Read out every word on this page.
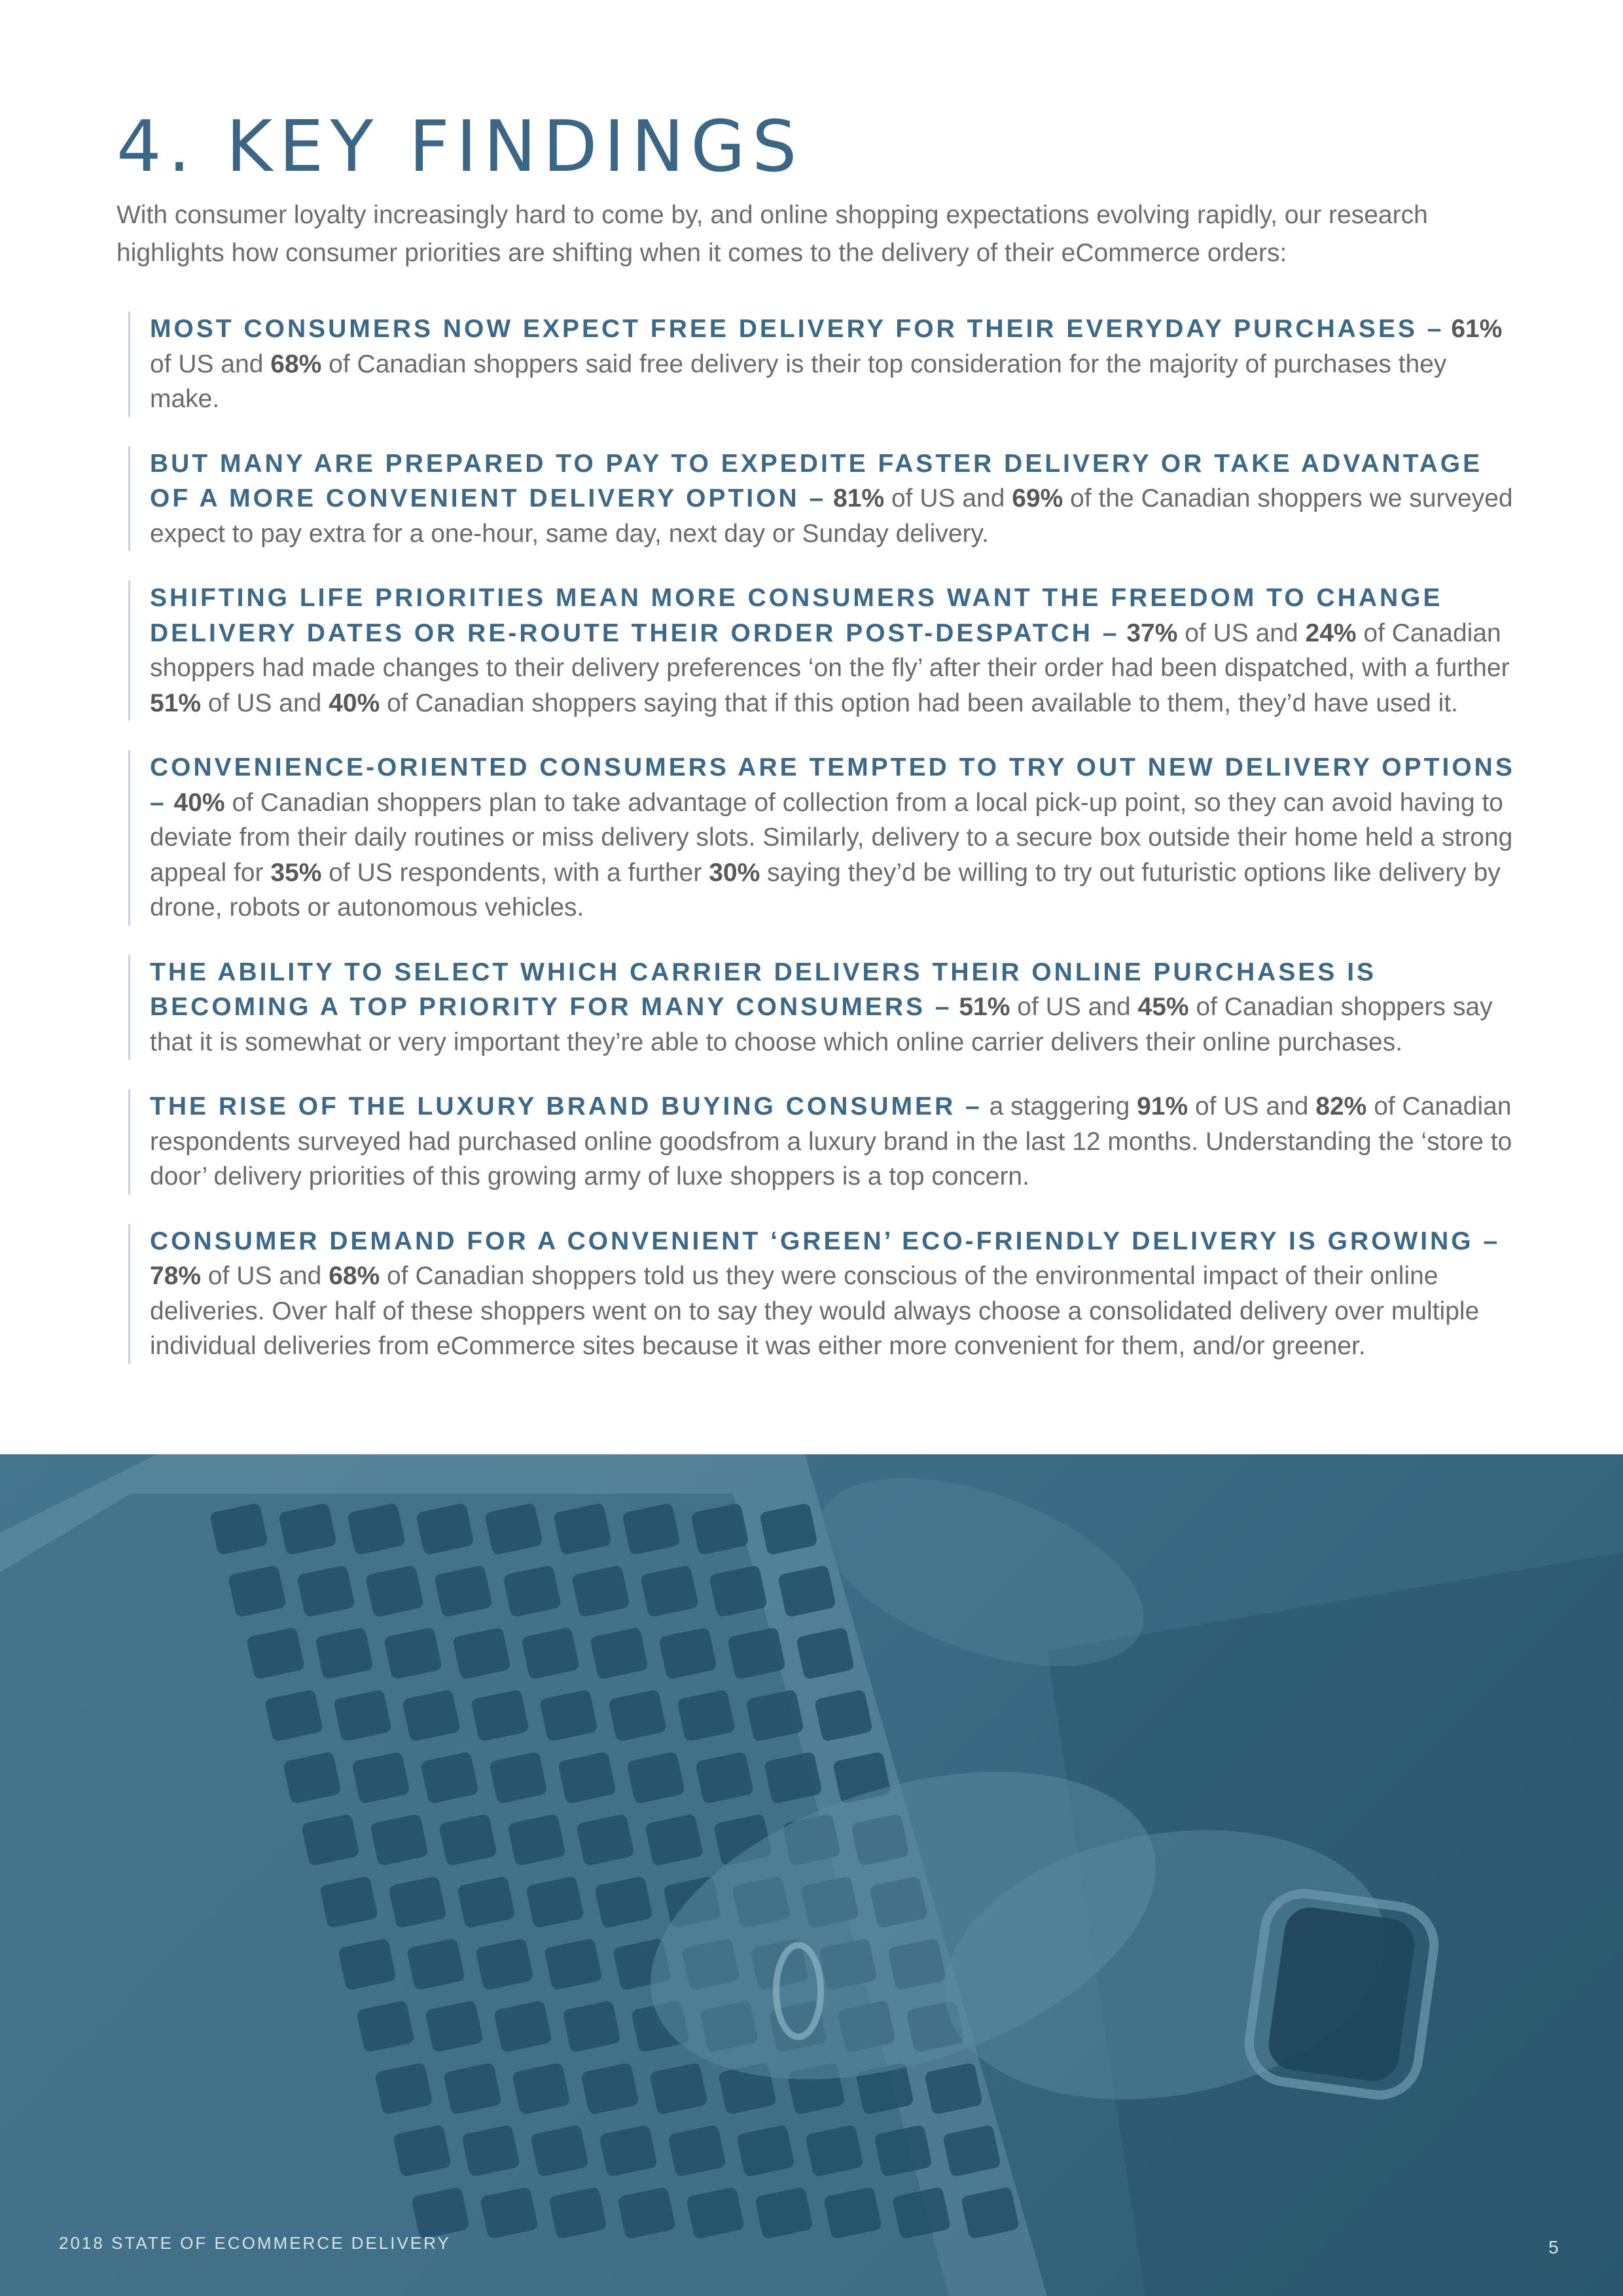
4. KEY FINDINGS

With consumer loyalty increasingly hard to come by, and online shopping expectations evolving rapidly, our research highlights how consumer priorities are shifting when it comes to the delivery of their eCommerce orders:

MOST CONSUMERS NOW EXPECT FREE DELIVERY FOR THEIR EVERYDAY PURCHASES – 61% of US and 68% of Canadian shoppers said free delivery is their top consideration for the majority of purchases they make.

BUT MANY ARE PREPARED TO PAY TO EXPEDITE FASTER DELIVERY OR TAKE ADVANTAGE OF A MORE CONVENIENT DELIVERY OPTION – 81% of US and 69% of the Canadian shoppers we surveyed expect to pay extra for a one-hour, same day, next day or Sunday delivery.

SHIFTING LIFE PRIORITIES MEAN MORE CONSUMERS WANT THE FREEDOM TO CHANGE DELIVERY DATES OR RE-ROUTE THEIR ORDER POST-DESPATCH – 37% of US and 24% of Canadian shoppers had made changes to their delivery preferences ‘on the fly’ after their order had been dispatched, with a further 51% of US and 40% of Canadian shoppers saying that if this option had been available to them, they’d have used it.

CONVENIENCE-ORIENTED CONSUMERS ARE TEMPTED TO TRY OUT NEW DELIVERY OPTIONS – 40% of Canadian shoppers plan to take advantage of collection from a local pick-up point, so they can avoid having to deviate from their daily routines or miss delivery slots. Similarly, delivery to a secure box outside their home held a strong appeal for 35% of US respondents, with a further 30% saying they’d be willing to try out futuristic options like delivery by drone, robots or autonomous vehicles.

THE ABILITY TO SELECT WHICH CARRIER DELIVERS THEIR ONLINE PURCHASES IS BECOMING A TOP PRIORITY FOR MANY CONSUMERS – 51% of US and 45% of Canadian shoppers say that it is somewhat or very important they’re able to choose which online carrier delivers their online purchases.

THE RISE OF THE LUXURY BRAND BUYING CONSUMER – a staggering 91% of US and 82% of Canadian respondents surveyed had purchased online goodsfrom a luxury brand in the last 12 months. Understanding the ‘store to door’ delivery priorities of this growing army of luxe shoppers is a top concern.

CONSUMER DEMAND FOR A CONVENIENT ‘GREEN’ ECO-FRIENDLY DELIVERY IS GROWING – 78% of US and 68% of Canadian shoppers told us they were conscious of the environmental impact of their online deliveries. Over half of these shoppers went on to say they would always choose a consolidated delivery over multiple individual deliveries from eCommerce sites because it was either more convenient for them, and/or greener.

2018 STATE OF ECOMMERCE DELIVERY	5
